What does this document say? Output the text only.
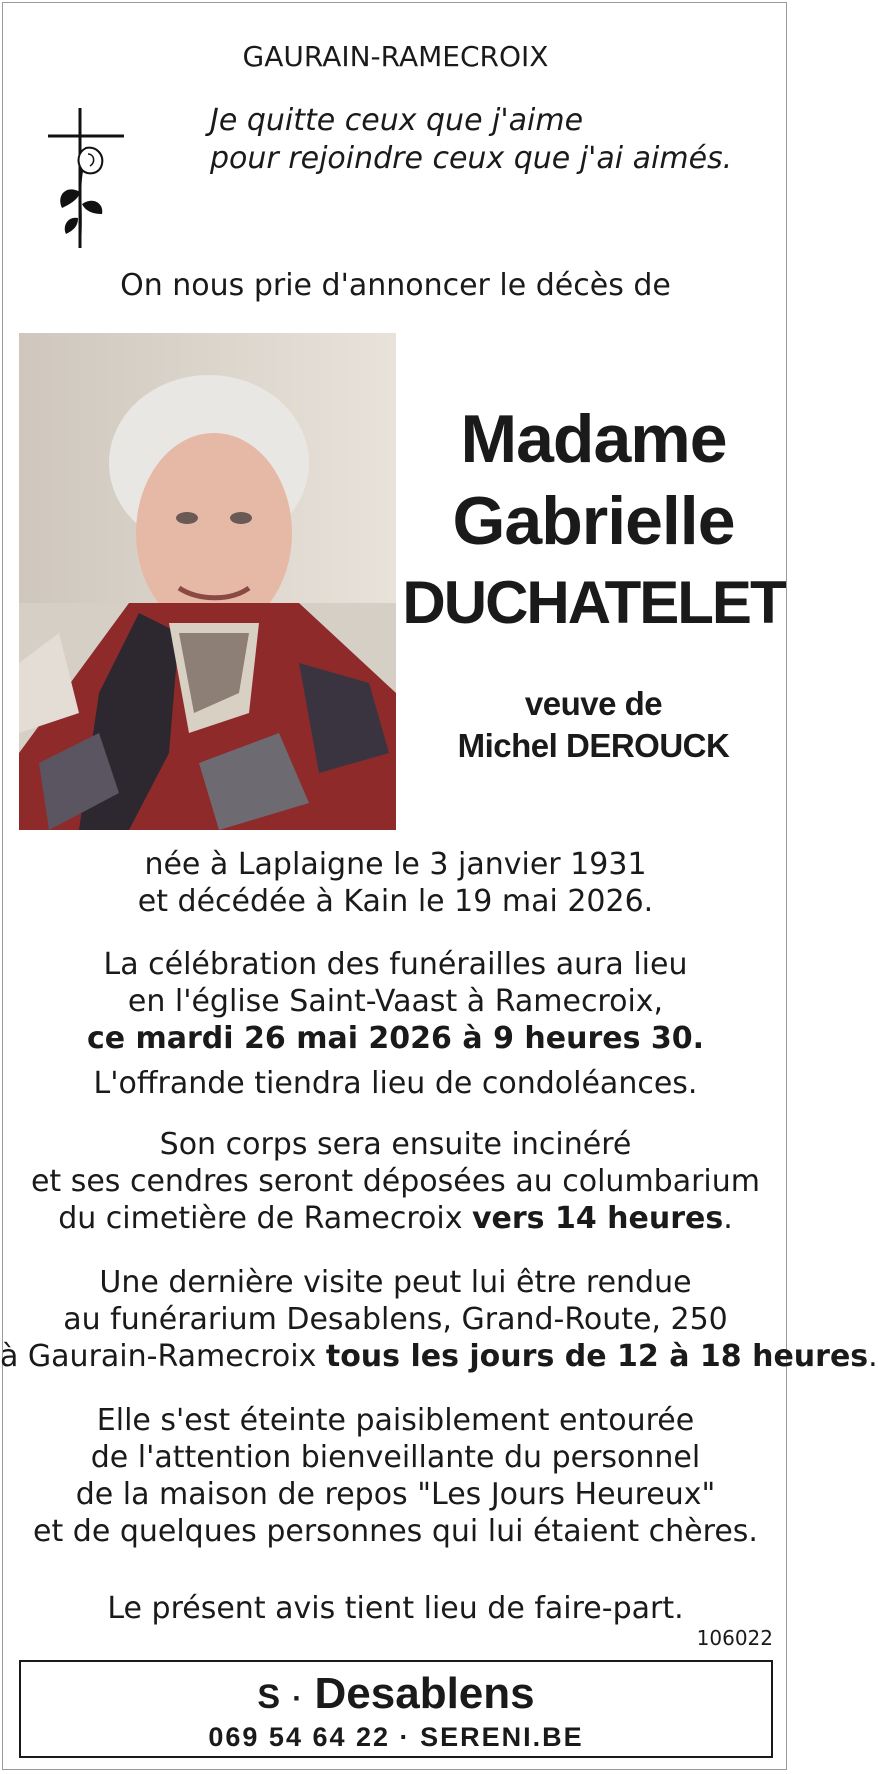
GAURAIN-RAMECROIX
Je quitte ceux que j'aime
pour rejoindre ceux que j'ai aimés.
On nous prie d'annoncer le décès de
Madame
Gabrielle
DUCHATELET
veuve de
Michel DEROUCK
née à Laplaigne le 3 janvier 1931
et décédée à Kain le 19 mai 2026.
La célébration des funérailles aura lieu
en l'église Saint-Vaast à Ramecroix,
ce mardi 26 mai 2026 à 9 heures 30.
L'offrande tiendra lieu de condoléances.
Son corps sera ensuite incinéré
et ses cendres seront déposées au columbarium
du cimetière de Ramecroix vers 14 heures.
Une dernière visite peut lui être rendue
au funérarium Desablens, Grand-Route, 250
à Gaurain-Ramecroix tous les jours de 12 à 18 heures.
Elle s'est éteinte paisiblement entourée
de l'attention bienveillante du personnel
de la maison de repos "Les Jours Heureux"
et de quelques personnes qui lui étaient chères.
Le présent avis tient lieu de faire-part.
106022
S · Desablens
069 54 64 22 · SERENI.BE
